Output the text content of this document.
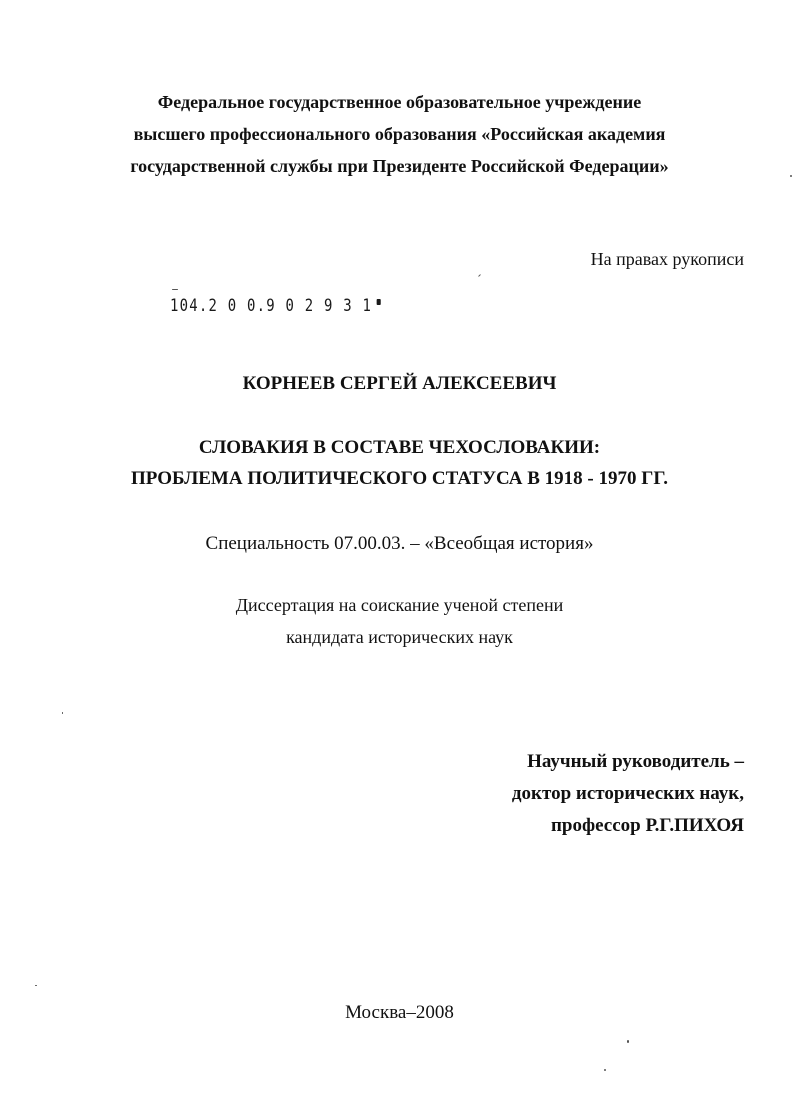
Федеральное государственное образовательное учреждение
высшего профессионального образования «Российская академия
государственной службы при Президенте Российской Федерации»
На правах рукописи
104.2 0 0.9 0 2 9 3 1
КОРНЕЕВ СЕРГЕЙ АЛЕКСЕЕВИЧ
СЛОВАКИЯ В СОСТАВЕ ЧЕХОСЛОВАКИИ:
ПРОБЛЕМА ПОЛИТИЧЕСКОГО СТАТУСА В 1918 - 1970 ГГ.
Специальность 07.00.03. – «Всеобщая история»
Диссертация на соискание ученой степени
кандидата исторических наук
Научный руководитель –
доктор исторических наук,
профессор Р.Г.ПИХОЯ
Москва–2008
